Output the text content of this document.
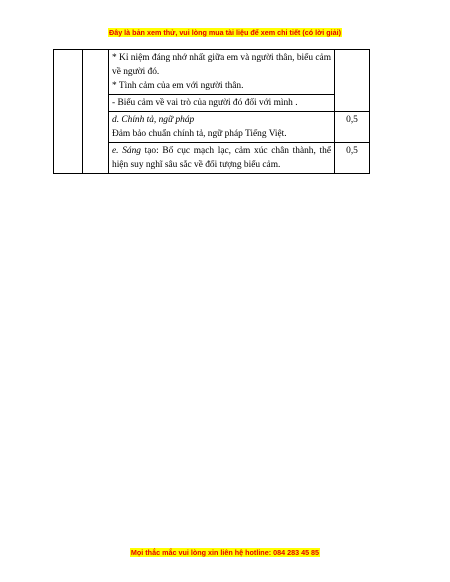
Đây là bản xem thử, vui lòng mua tài liệu để xem chi tiết (có lời giải)

		* Kỉ niệm đáng nhớ nhất giữa em và người thân, biểu cảm về người đó.

* Tình cảm của em với người thân.	

		- Biểu cảm về vai trò của người đó đối với mình .	

		d. Chính tả, ngữ pháp

Đảm bảo chuẩn chính tả, ngữ pháp Tiếng Việt.	0,5

		e. Sáng tạo: Bố cục mạch lạc, cảm xúc chân thành, thể hiện suy nghĩ sâu sắc về đối tượng biểu cảm.	0,5
Mọi thắc mắc vui lòng xin liên hệ hotline: 084 283 45 85
